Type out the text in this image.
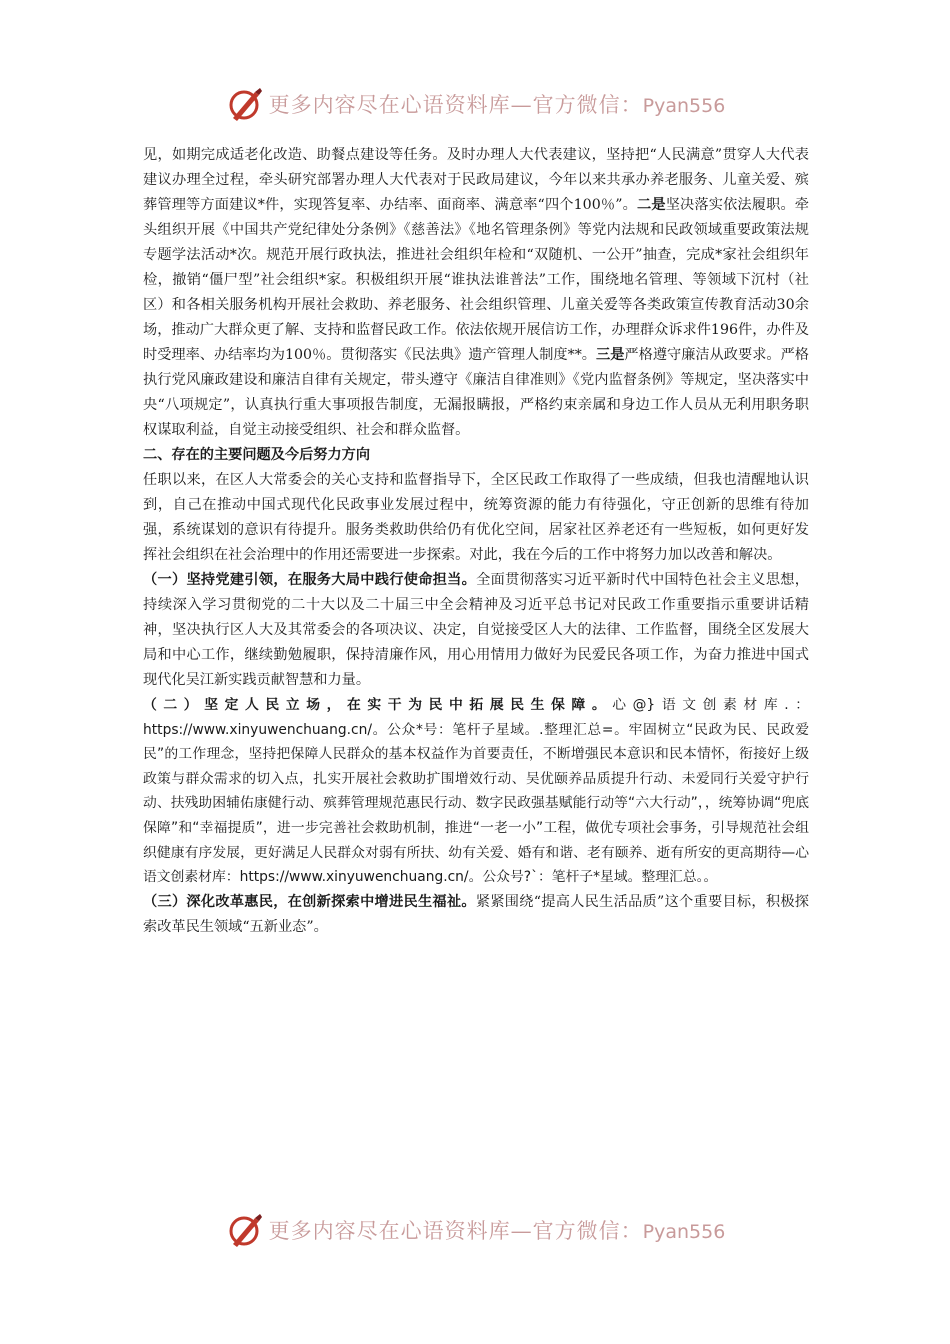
更多内容尽在心语资料库—官方微信：Pyan556

见，如期完成适老化改造、助餐点建设等任务。及时办理人大代表建议，坚持把“人民满意”贯穿人大代表建议办理全过程，牵头研究部署办理人大代表对于民政局建议，今年以来共承办养老服务、儿童关爱、殡葬管理等方面建议*件，实现答复率、办结率、面商率、满意率“四个100％”。二是坚决落实依法履职。牵头组织开展《中国共产党纪律处分条例》《慈善法》《地名管理条例》等党内法规和民政领域重要政策法规专题学法活动*次。规范开展行政执法，推进社会组织年检和“双随机、一公开”抽查，完成*家社会组织年检，撤销“僵尸型”社会组织*家。积极组织开展“谁执法谁普法”工作，围绕地名管理、等领域下沉村（社区）和各相关服务机构开展社会救助、养老服务、社会组织管理、儿童关爱等各类政策宣传教育活动30余场，推动广大群众更了解、支持和监督民政工作。依法依规开展信访工作，办理群众诉求件196件，办件及时受理率、办结率均为100％。贯彻落实《民法典》遗产管理人制度**。三是严格遵守廉洁从政要求。严格执行党风廉政建设和廉洁自律有关规定，带头遵守《廉洁自律准则》《党内监督条例》等规定，坚决落实中央“八项规定”，认真执行重大事项报告制度，无漏报瞒报，严格约束亲属和身边工作人员从无利用职务职权谋取利益，自觉主动接受组织、社会和群众监督。

二、存在的主要问题及今后努力方向

任职以来，在区人大常委会的关心支持和监督指导下，全区民政工作取得了一些成绩，但我也清醒地认识到，自己在推动中国式现代化民政事业发展过程中，统筹资源的能力有待强化，守正创新的思维有待加强，系统谋划的意识有待提升。服务类救助供给仍有优化空间，居家社区养老还有一些短板，如何更好发挥社会组织在社会治理中的作用还需要进一步探索。对此，我在今后的工作中将努力加以改善和解决。

（一）坚持党建引领，在服务大局中践行使命担当。全面贯彻落实习近平新时代中国特色社会主义思想，持续深入学习贯彻党的二十大以及二十届三中全会精神及习近平总书记对民政工作重要指示重要讲话精神，坚决执行区人大及其常委会的各项决议、决定，自觉接受区人大的法律、工作监督，围绕全区发展大局和中心工作，继续勤勉履职，保持清廉作风，用心用情用力做好为民爱民各项工作，为奋力推进中国式现代化吴江新实践贡献智慧和力量。

（二）坚定人民立场，在实干为民中拓展民生保障。心@}语文创素材库.：https://www.xinyuwenchuang.cn/。公众*号：笔杆子星域。.整理汇总=。牢固树立“民政为民、民政爱民”的工作理念，坚持把保障人民群众的基本权益作为首要责任，不断增强民本意识和民本情怀，衔接好上级政策与群众需求的切入点，扎实开展社会救助扩围增效行动、吴优颐养品质提升行动、未爱同行关爱守护行动、扶残助困辅佑康健行动、殡葬管理规范惠民行动、数字民政强基赋能行动等“六大行动”，，统筹协调“兜底保障”和“幸福提质”，进一步完善社会救助机制，推进“一老一小”工程，做优专项社会事务，引导规范社会组织健康有序发展，更好满足人民群众对弱有所扶、幼有关爱、婚有和谐、老有颐养、逝有所安的更高期待—心语文创素材库：https://www.xinyuwenchuang.cn/。公众号?`：笔杆子*星域。整理汇总。。

（三）深化改革惠民，在创新探索中增进民生福祉。紧紧围绕“提高人民生活品质”这个重要目标，积极探索改革民生领域“五新业态”。

更多内容尽在心语资料库—官方微信：Pyan556
